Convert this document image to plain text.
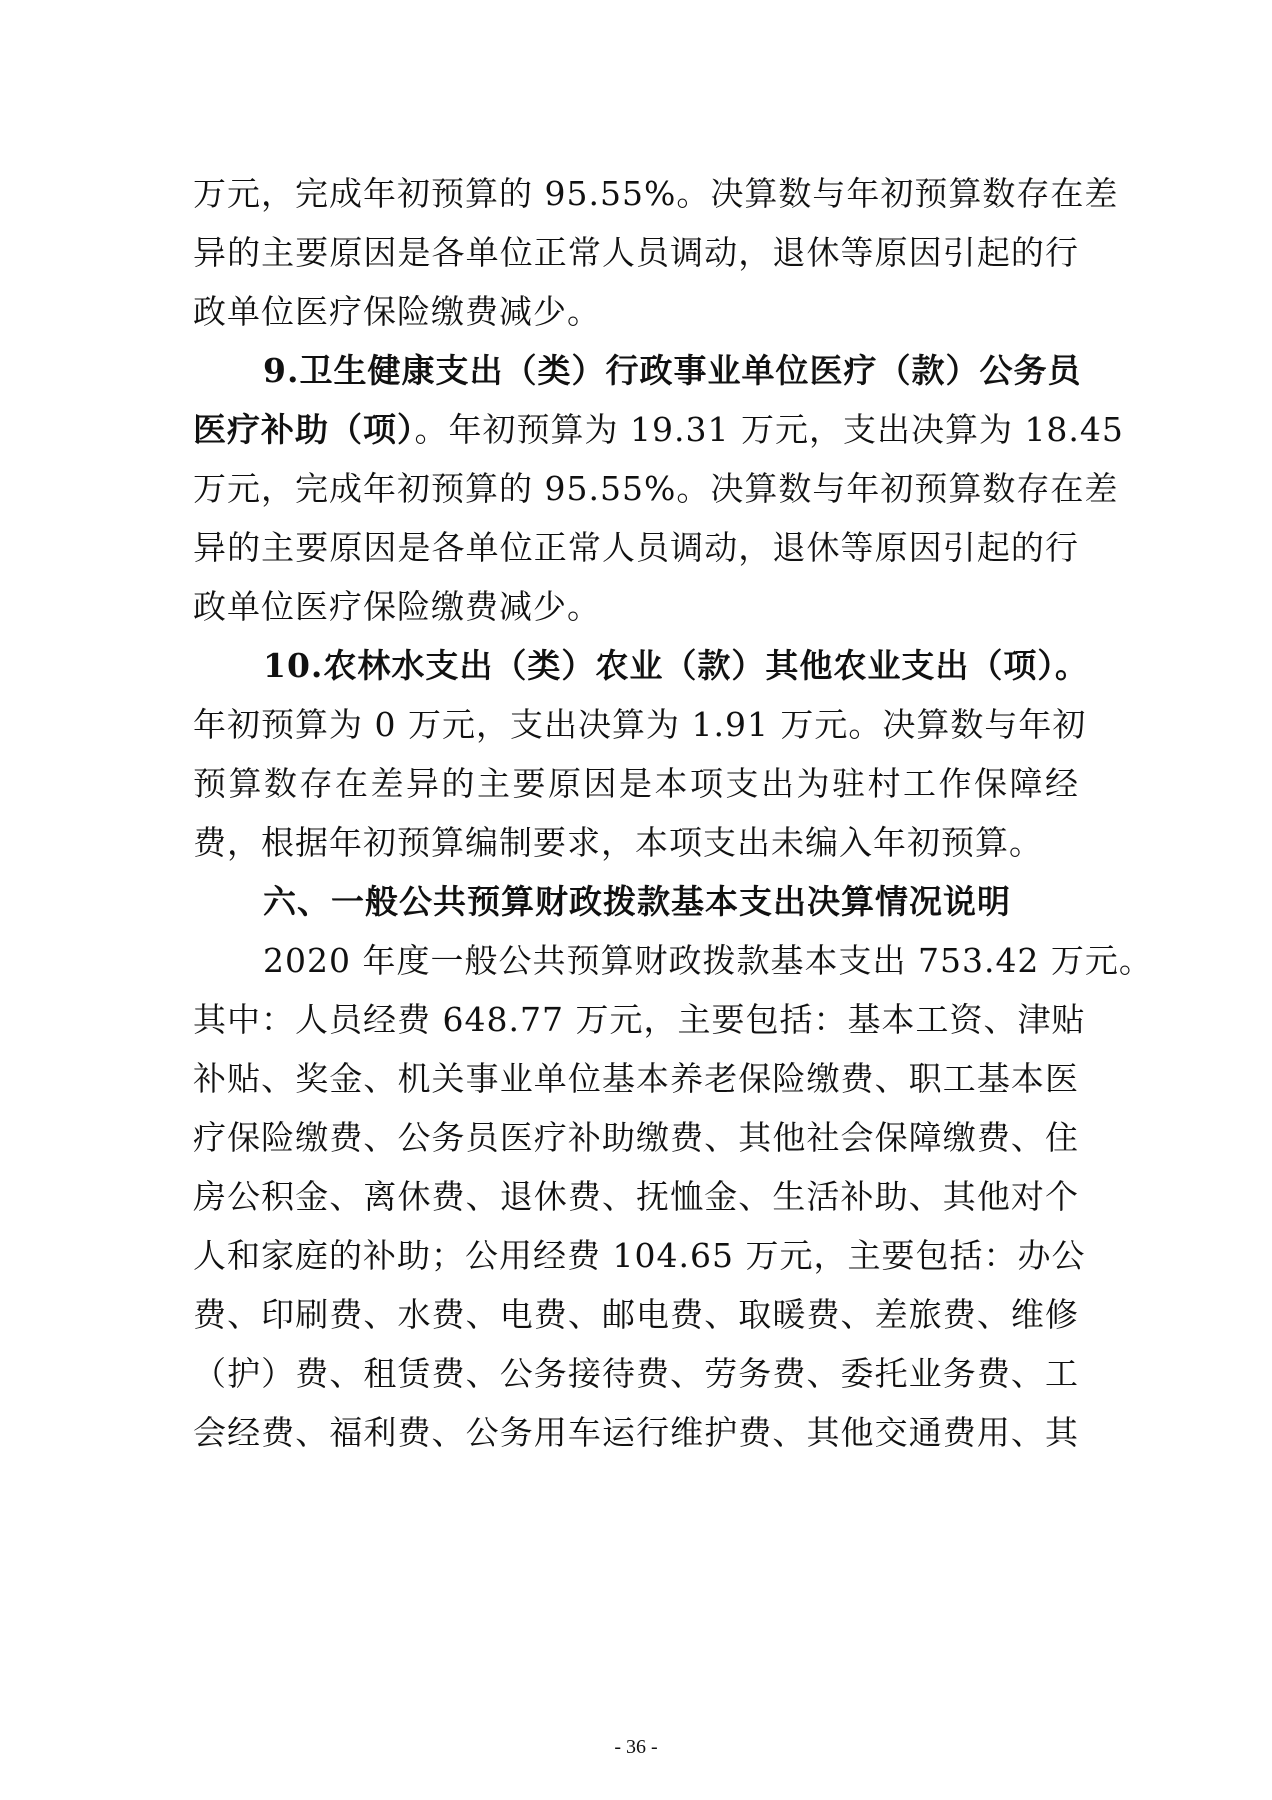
万元，完成年初预算的 95.55%。决算数与年初预算数存在差
异的主要原因是各单位正常人员调动，退休等原因引起的行
政单位医疗保险缴费减少。
9.卫生健康支出（类）行政事业单位医疗（款）公务员
医疗补助（项）。年初预算为 19.31 万元，支出决算为 18.45
万元，完成年初预算的 95.55%。决算数与年初预算数存在差
异的主要原因是各单位正常人员调动，退休等原因引起的行
政单位医疗保险缴费减少。
10.农林水支出（类）农业（款）其他农业支出（项）。
年初预算为 0 万元，支出决算为 1.91 万元。决算数与年初
预算数存在差异的主要原因是本项支出为驻村工作保障经
费，根据年初预算编制要求，本项支出未编入年初预算。
六、一般公共预算财政拨款基本支出决算情况说明
2020 年度一般公共预算财政拨款基本支出 753.42 万元。
其中：人员经费 648.77 万元，主要包括：基本工资、津贴
补贴、奖金、机关事业单位基本养老保险缴费、职工基本医
疗保险缴费、公务员医疗补助缴费、其他社会保障缴费、住
房公积金、离休费、退休费、抚恤金、生活补助、其他对个
人和家庭的补助；公用经费 104.65 万元，主要包括：办公
费、印刷费、水费、电费、邮电费、取暖费、差旅费、维修
（护）费、租赁费、公务接待费、劳务费、委托业务费、工
会经费、福利费、公务用车运行维护费、其他交通费用、其
- 36 -
